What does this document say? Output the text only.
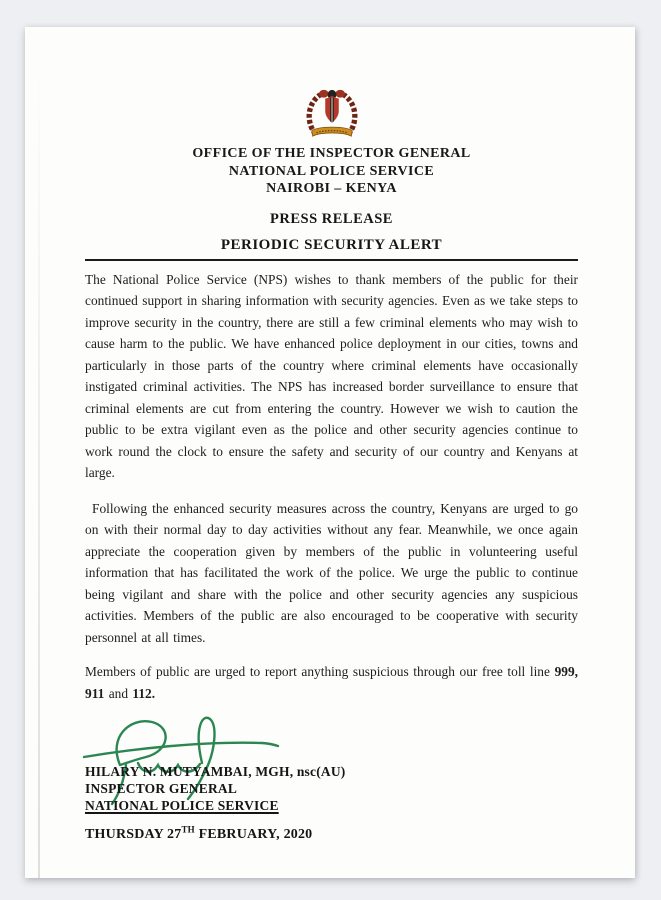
OFFICE OF THE INSPECTOR GENERAL
NATIONAL POLICE SERVICE
NAIROBI – KENYA
PRESS RELEASE
PERIODIC SECURITY ALERT

The National Police Service (NPS) wishes to thank members of the public for their continued support in sharing information with security agencies. Even as we take steps to improve security in the country, there are still a few criminal elements who may wish to cause harm to the public. We have enhanced police deployment in our cities, towns and particularly in those parts of the country where criminal elements have occasionally instigated criminal activities. The NPS has increased border surveillance to ensure that criminal elements are cut from entering the country. However we wish to caution the public to be extra vigilant even as the police and other security agencies continue to work round the clock to ensure the safety and security of our country and Kenyans at large.

Following the enhanced security measures across the country, Kenyans are urged to go on with their normal day to day activities without any fear. Meanwhile, we once again appreciate the cooperation given by members of the public in volunteering useful information that has facilitated the work of the police. We urge the public to continue being vigilant and share with the police and other security agencies any suspicious activities. Members of the public are also encouraged to be cooperative with security personnel at all times.

Members of public are urged to report anything suspicious through our free toll line 999, 911 and 112.

HILARY N. MUTYAMBAI, MGH, nsc(AU)
INSPECTOR GENERAL
NATIONAL POLICE SERVICE
THURSDAY 27TH FEBRUARY, 2020
